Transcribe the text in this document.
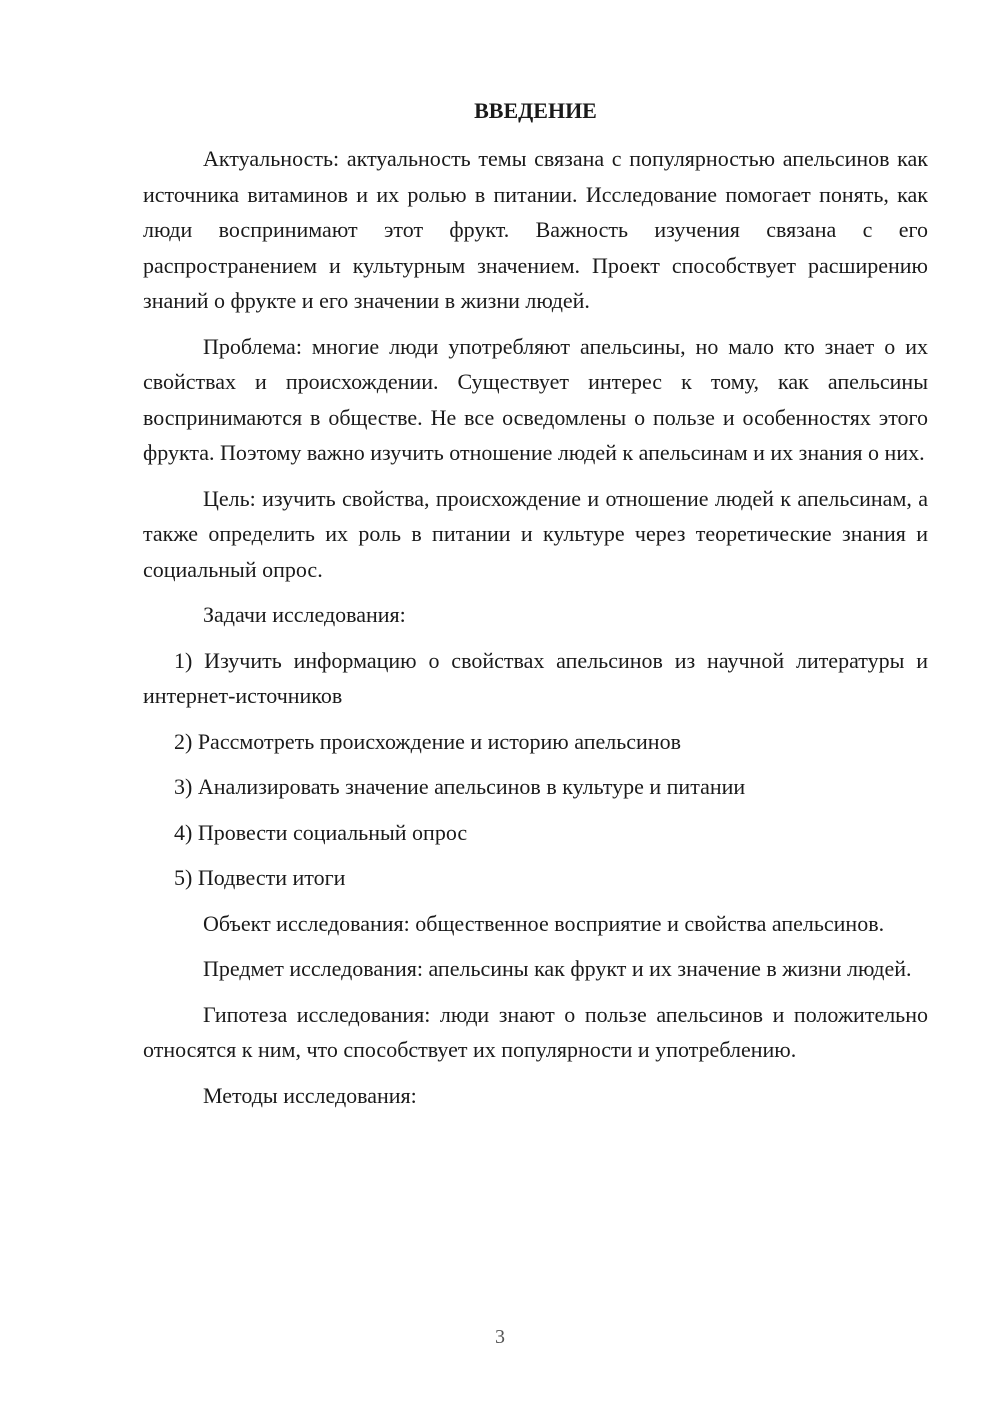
ВВЕДЕНИЕ

Актуальность: актуальность темы связана с популярностью апельсинов как источника витаминов и их ролью в питании. Исследование помогает понять, как люди воспринимают этот фрукт. Важность изучения связана с его распространением и культурным значением. Проект способствует расширению знаний о фрукте и его значении в жизни людей.

Проблема: многие люди употребляют апельсины, но мало кто знает о их свойствах и происхождении. Существует интерес к тому, как апельсины воспринимаются в обществе. Не все осведомлены о пользе и особенностях этого фрукта. Поэтому важно изучить отношение людей к апельсинам и их знания о них.

Цель: изучить свойства, происхождение и отношение людей к апельсинам, а также определить их роль в питании и культуре через теоретические знания и социальный опрос.

Задачи исследования:

1) Изучить информацию о свойствах апельсинов из научной литературы и интернет-источников
2) Рассмотреть происхождение и историю апельсинов
3) Анализировать значение апельсинов в культуре и питании
4) Провести социальный опрос
5) Подвести итоги

Объект исследования: общественное восприятие и свойства апельсинов.

Предмет исследования: апельсины как фрукт и их значение в жизни людей.

Гипотеза исследования: люди знают о пользе апельсинов и положительно относятся к ним, что способствует их популярности и употреблению.

Методы исследования:

3
